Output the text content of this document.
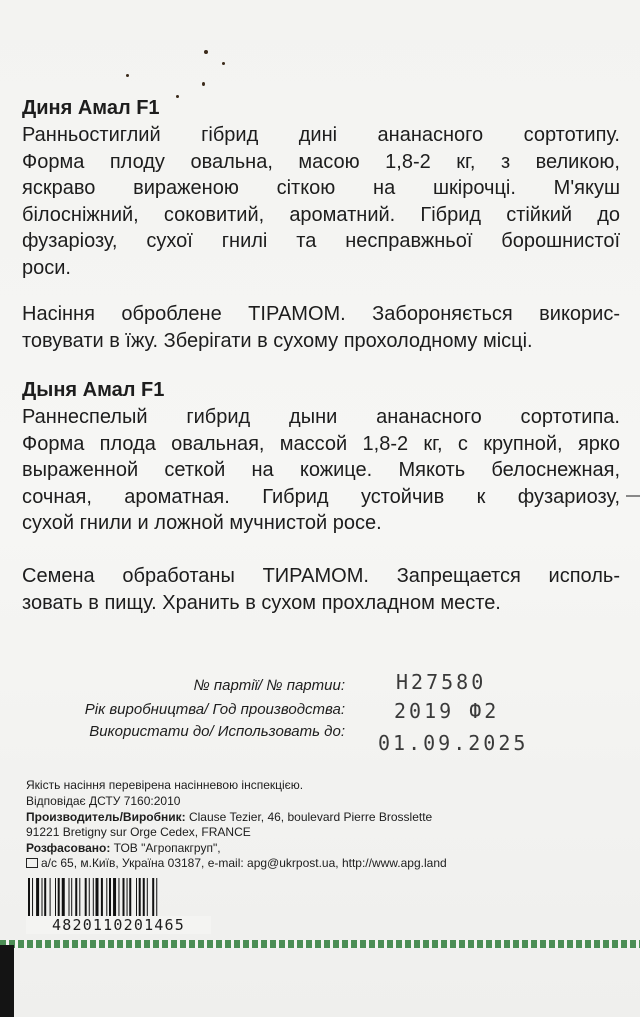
Диня Амал F1

Ранньостиглий гібрид дині ананасного сортотипу.
Форма плоду овальна, масою 1,8-2 кг, з великою,
яскраво вираженою сіткою на шкірочці. М'якуш
білосніжний, соковитий, ароматний. Гібрид стійкий до
фузаріозу, сухої гнилі та несправжньої борошнистої
роси.

Насіння оброблене ТІРАМОМ. Забороняється викорис-
товувати в їжу. Зберігати в сухому прохолодному місці.

Дыня Амал F1

Раннеспелый гибрид дыни ананасного сортотипа.
Форма плода овальная, массой 1,8-2 кг, с крупной, ярко
выраженной сеткой на кожице. Мякоть белоснежная,
сочная, ароматная. Гибрид устойчив к фузариозу,
сухой гнили и ложной мучнистой росе.

Семена обработаны ТИРАМОМ. Запрещается исполь-
зовать в пищу. Хранить в сухом прохладном месте.

№ партії/ № партии:	H27580
Рік виробництва/ Год производства: 2019 Ф2
Використати до/ Использовать до: 01.09.2025
Якість насіння перевірена насінневою інспекцією.
Відповідає ДСТУ 7160:2010
Производитель/Виробник: Clause Tezier, 46, boulevard Pierre Brosslette
91221 Bretigny sur Orge Cedex, FRANCE
Розфасовано: ТОВ "Агропакгруп",
а/с 65, м.Київ, Україна 03187, e-mail: apg@ukrpost.ua, http://www.apg.land
4820110201465
